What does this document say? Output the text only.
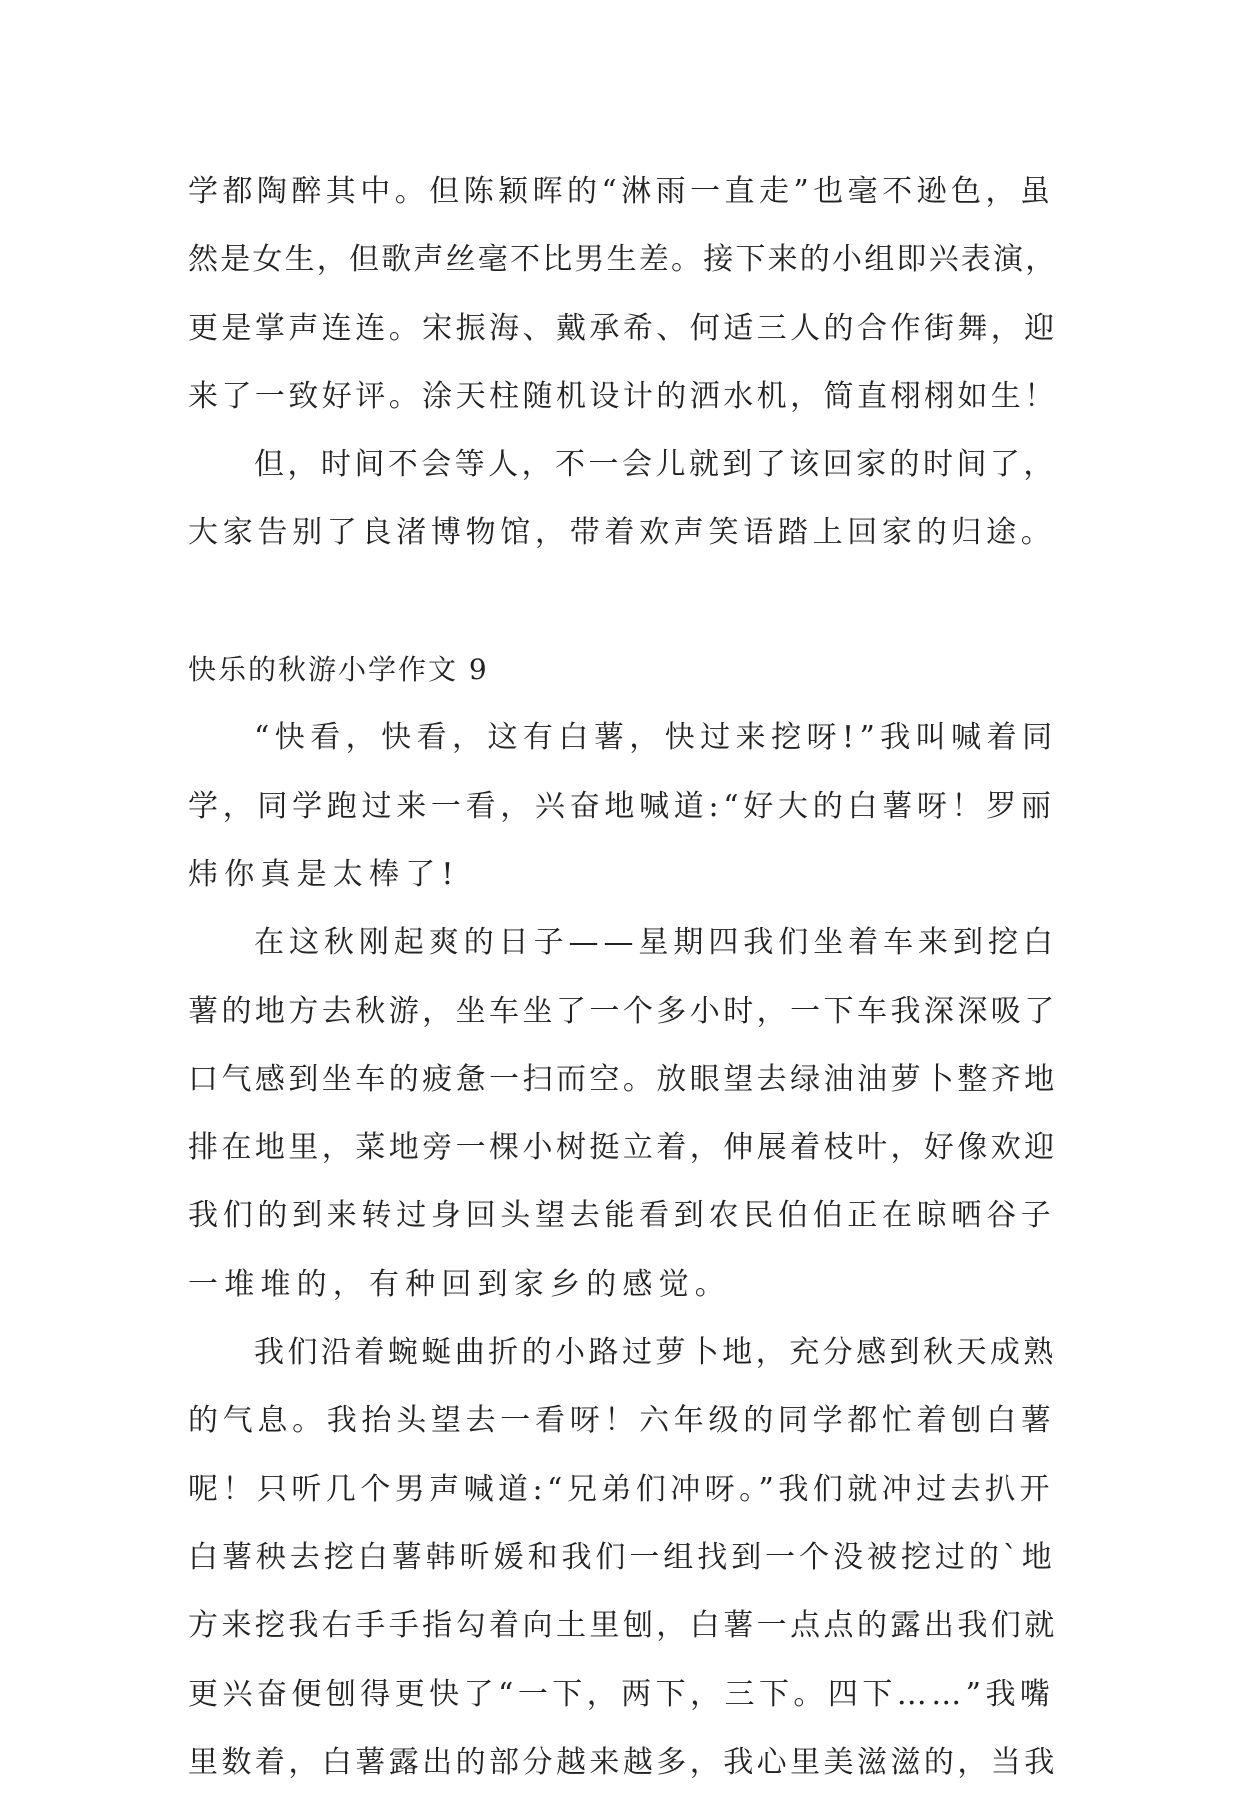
学都陶醉其中。但陈颖晖的“淋雨一直走”也毫不逊色，虽
然是女生，但歌声丝毫不比男生差。接下来的小组即兴表演，
更是掌声连连。宋振海、戴承希、何适三人的合作街舞，迎
来了一致好评。涂天柱随机设计的洒水机，简直栩栩如生！
但，时间不会等人，不一会儿就到了该回家的时间了，
大家告别了良渚博物馆，带着欢声笑语踏上回家的归途。
快乐的秋游小学作文 9
“快看，快看，这有白薯，快过来挖呀!”我叫喊着同
学，同学跑过来一看，兴奋地喊道:“好大的白薯呀！罗丽
炜你真是太棒了!
在这秋刚起爽的日子——星期四我们坐着车来到挖白
薯的地方去秋游，坐车坐了一个多小时，一下车我深深吸了
口气感到坐车的疲惫一扫而空。放眼望去绿油油萝卜整齐地
排在地里，菜地旁一棵小树挺立着，伸展着枝叶，好像欢迎
我们的到来转过身回头望去能看到农民伯伯正在晾晒谷子
一堆堆的，有种回到家乡的感觉。
我们沿着蜿蜒曲折的小路过萝卜地，充分感到秋天成熟
的气息。我抬头望去一看呀！六年级的同学都忙着刨白薯
呢！只听几个男声喊道:“兄弟们冲呀。”我们就冲过去扒开
白薯秧去挖白薯韩昕媛和我们一组找到一个没被挖过的`地
方来挖我右手手指勾着向土里刨，白薯一点点的露出我们就
更兴奋便刨得更快了“一下，两下，三下。四下……”我嘴
里数着，白薯露出的部分越来越多，我心里美滋滋的，当我
